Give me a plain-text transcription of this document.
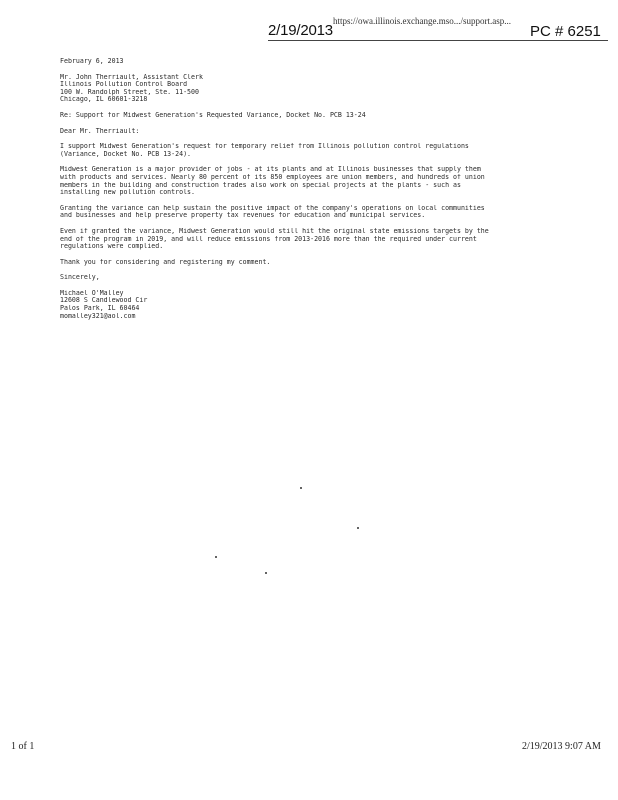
2/19/2013
https://owa.illinois.exchange.mso.../support.asp...
PC # 6251
February 6, 2013
Mr. John Therriault, Assistant Clerk
Illinois Pollution Control Board
100 W. Randolph Street, Ste. 11-500
Chicago, IL 60601-3218
Re: Support for Midwest Generation's Requested Variance, Docket No. PCB 13-24
Dear Mr. Therriault:
I support Midwest Generation's request for temporary relief from Illinois pollution control regulations
(Variance, Docket No. PCB 13-24).
Midwest Generation is a major provider of jobs - at its plants and at Illinois businesses that supply them
with products and services. Nearly 80 percent of its 850 employees are union members, and hundreds of union
members in the building and construction trades also work on special projects at the plants - such as
installing new pollution controls.
Granting the variance can help sustain the positive impact of the company's operations on local communities
and businesses and help preserve property tax revenues for education and municipal services.
Even if granted the variance, Midwest Generation would still hit the original state emissions targets by the
end of the program in 2019, and will reduce emissions from 2013-2016 more than the required under current
regulations were complied.
Thank you for considering and registering my comment.
Sincerely,
Michael O'Malley
12608 S Candlewood Cir
Palos Park, IL 60464
momalley321@aol.com
1 of 1	2/19/2013 9:07 AM
